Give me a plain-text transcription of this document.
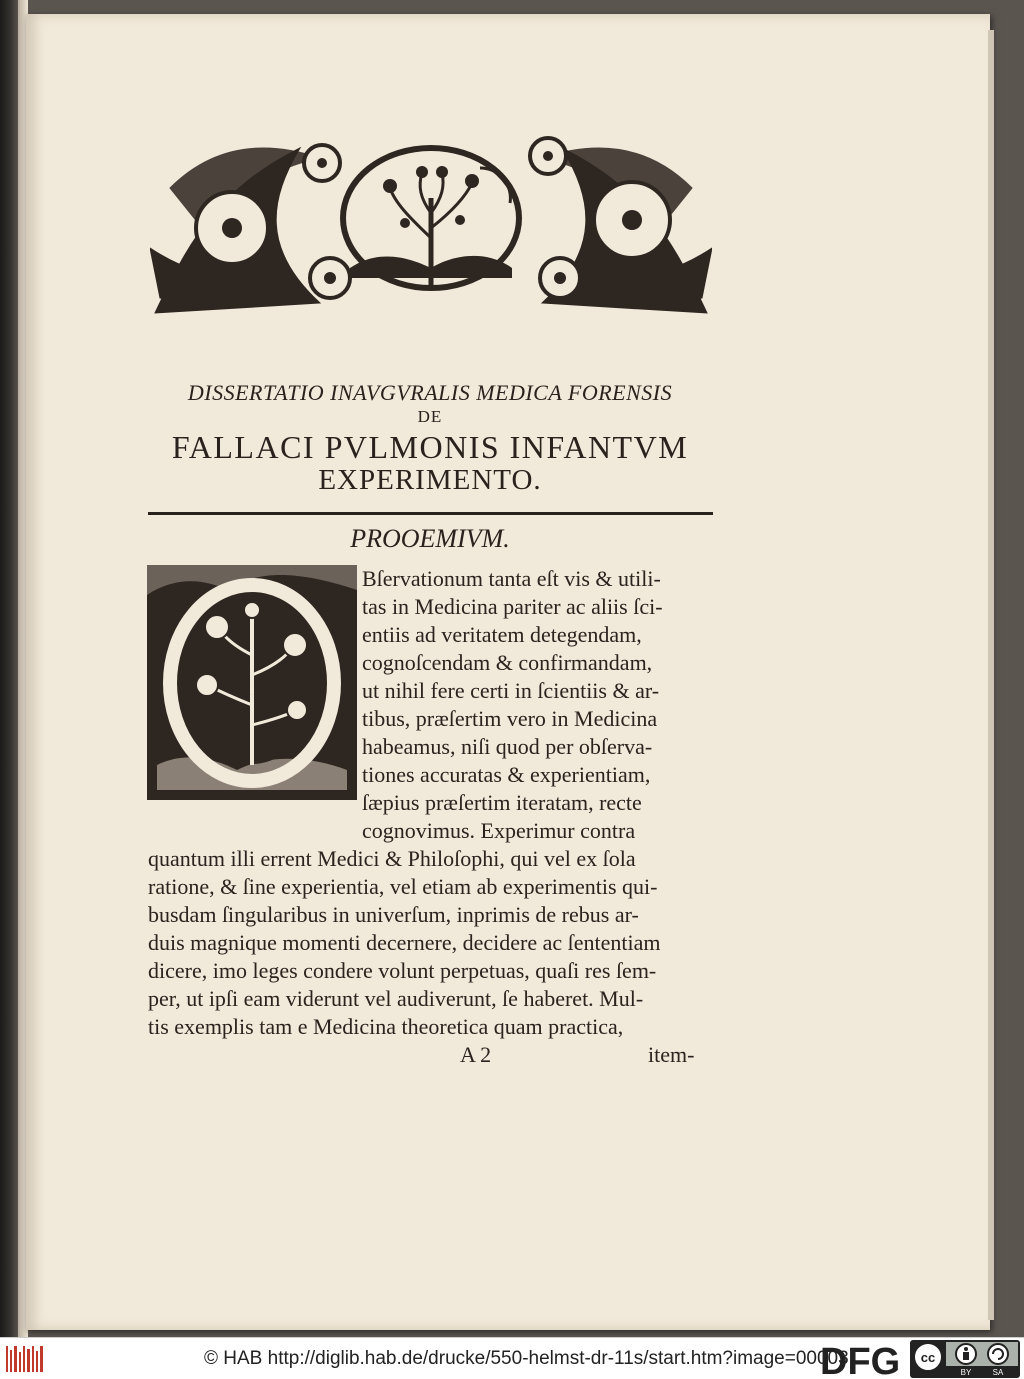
DISSERTATIO INAVGVRALIS MEDICA FORENSIS
DE
FALLACI PVLMONIS INFANTVM
EXPERIMENTO.
PROOEMIVM.
O
Bſervationum tanta eſt vis & utili-
tas in Medicina pariter ac aliis ſci-
entiis ad veritatem detegendam,
cognoſcendam & confirmandam,
ut nihil fere certi in ſcientiis & ar-
tibus, præſertim vero in Medicina
habeamus, niſi quod per obſerva-
tiones accuratas & experientiam,
ſæpius præſertim iteratam, recte
cognovimus. Experimur contra
quantum illi errent Medici & Philoſophi, qui vel ex ſola
ratione, & ſine experientia, vel etiam ab experimentis qui-
busdam ſingularibus in univerſum, inprimis de rebus ar-
duis magnique momenti decernere, decidere ac ſententiam
dicere, imo leges condere volunt perpetuas, quaſi res ſem-
per, ut ipſi eam viderunt vel audiverunt, ſe haberet. Mul-
tis exemplis tam e Medicina theoretica quam practica,
A 2	item-
© HAB http://diglib.hab.de/drucke/550-helmst-dr-11s/start.htm?image=00003
DFG cc
BY	SA
